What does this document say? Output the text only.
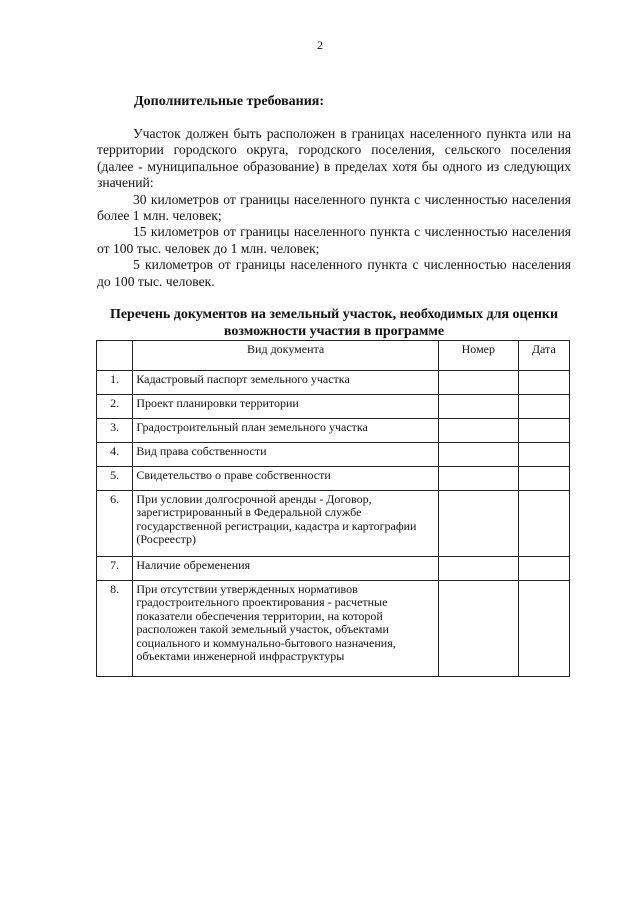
2
Дополнительные требования:

Участок должен быть расположен в границах населенного пункта или на территории городского округа, городского поселения, сельского поселения (далее - муниципальное образование) в пределах хотя бы одного из следующих значений:

30 километров от границы населенного пункта с численностью населения более 1 млн. человек;

15 километров от границы населенного пункта с численностью населения от 100 тыс. человек до 1 млн. человек;

5 километров от границы населенного пункта с численностью населения до 100 тыс. человек.

Перечень документов на земельный участок, необходимых для оценки возможности участия в программе
	Вид документа	Номер	Дата
1.	Кадастровый паспорт земельного участка		
2.	Проект планировки территории		
3.	Градостроительный план земельного участка		
4.	Вид права собственности		
5.	Свидетельство о праве собственности		
6.	При условии долгосрочной аренды - Договор, зарегистрированный в Федеральной службе государственной регистрации, кадастра и картографии (Росреестр)		
7.	Наличие обременения		
8.	При отсутствии утвержденных нормативов градостроительного проектирования - расчетные показатели обеспечения территории, на которой расположен такой земельный участок, объектами социального и коммунально-бытового назначения, объектами инженерной инфраструктуры		
